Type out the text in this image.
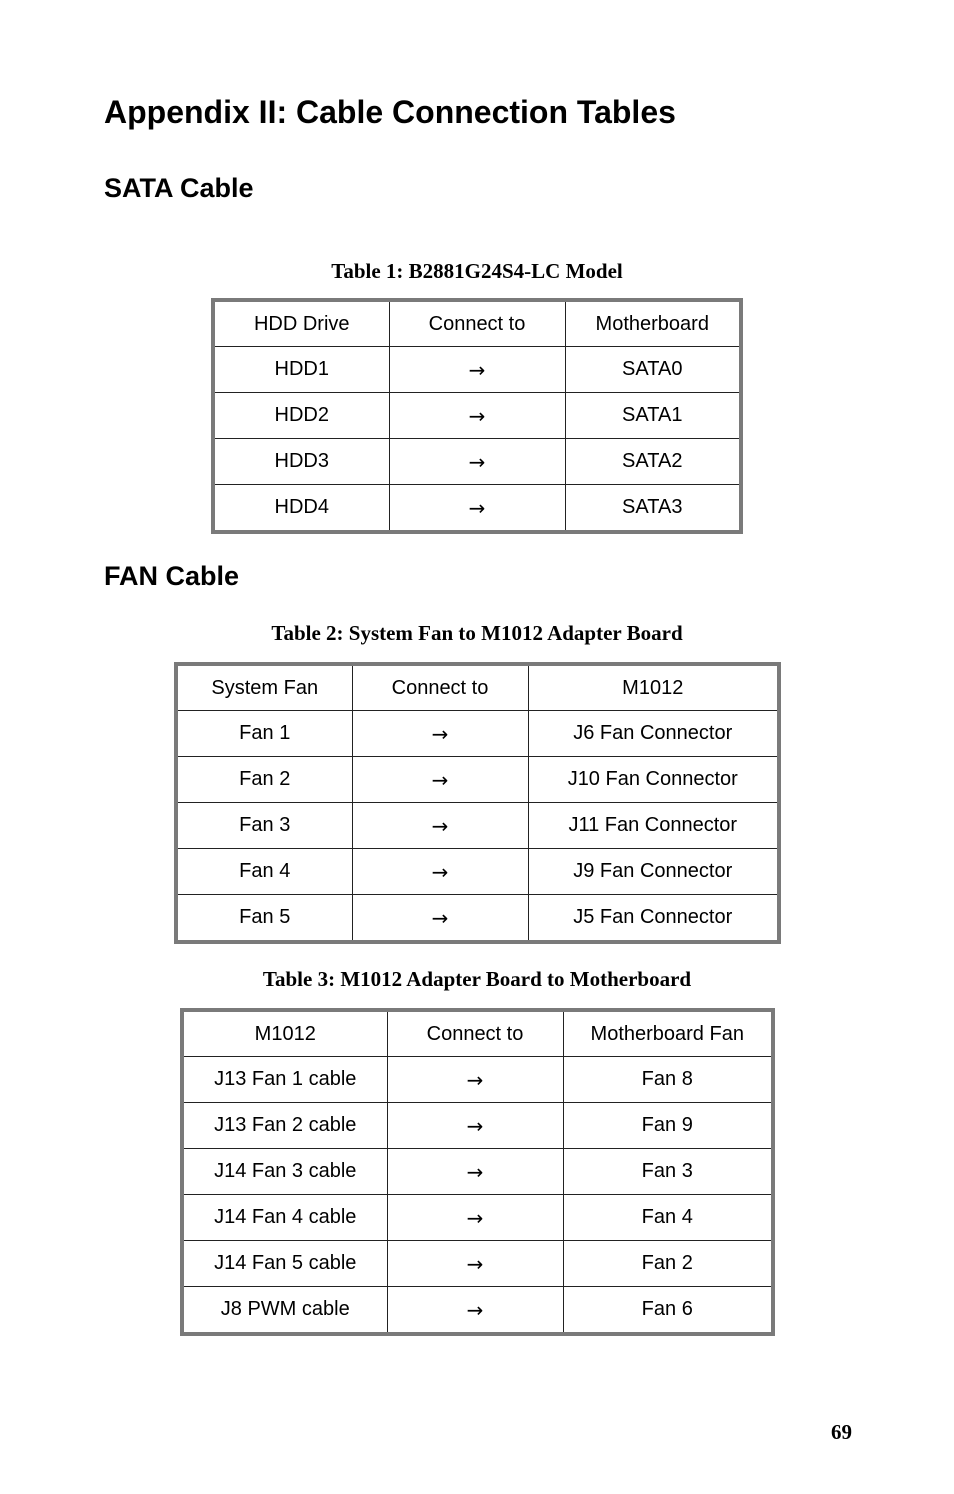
Appendix II: Cable Connection Tables
SATA Cable

Table 1: B2881G24S4-LC Model

HDD Drive	Connect to	Motherboard
HDD1	→	SATA0
HDD2	→	SATA1
HDD3	→	SATA2
HDD4	→	SATA3
FAN Cable

Table 2: System Fan to M1012 Adapter Board

System Fan	Connect to	M1012
Fan 1	→	J6 Fan Connector
Fan 2	→	J10 Fan Connector
Fan 3	→	J11 Fan Connector
Fan 4	→	J9 Fan Connector
Fan 5	→	J5 Fan Connector

Table 3: M1012 Adapter Board to Motherboard

M1012	Connect to	Motherboard Fan
J13 Fan 1 cable	→	Fan 8
J13 Fan 2 cable	→	Fan 9
J14 Fan 3 cable	→	Fan 3
J14 Fan 4 cable	→	Fan 4
J14 Fan 5 cable	→	Fan 2
J8 PWM cable	→	Fan 6
69
